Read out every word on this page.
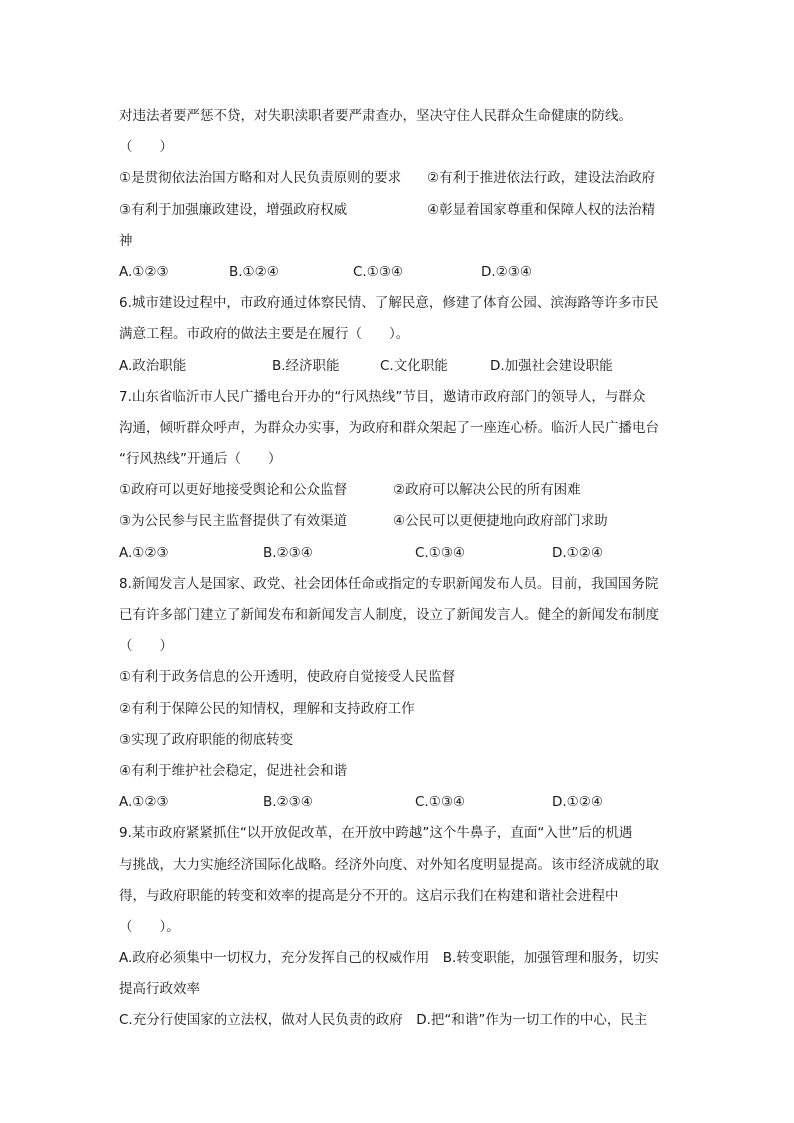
对违法者要严惩不贷，对失职渎职者要严肃查办，坚决守住人民群众生命健康的防线。
（　　）
①是贯彻依法治国方略和对人民负责原则的要求	②有利于推进依法行政，建设法治政府
③有利于加强廉政建设，增强政府权威	④彰显着国家尊重和保障人权的法治精
神
A.①②③	B.①②④	C.①③④	D.②③④
6.城市建设过程中，市政府通过体察民情、了解民意，修建了体育公园、滨海路等许多市民
满意工程。市政府的做法主要是在履行（　　）。
A.政治职能	B.经济职能	C.文化职能	D.加强社会建设职能
7.山东省临沂市人民广播电台开办的“行风热线”节目，邀请市政府部门的领导人，与群众
沟通，倾听群众呼声，为群众办实事，为政府和群众架起了一座连心桥。临沂人民广播电台
“行风热线”开通后（　　）
①政府可以更好地接受舆论和公众监督	②政府可以解决公民的所有困难
③为公民参与民主监督提供了有效渠道	④公民可以更便捷地向政府部门求助
A.①②③	B.②③④	C.①③④	D.①②④
8.新闻发言人是国家、政党、社会团体任命或指定的专职新闻发布人员。目前，我国国务院
已有许多部门建立了新闻发布和新闻发言人制度，设立了新闻发言人。健全的新闻发布制度
（　　）
①有利于政务信息的公开透明，使政府自觉接受人民监督
②有利于保障公民的知情权，理解和支持政府工作
③实现了政府职能的彻底转变
④有利于维护社会稳定，促进社会和谐
A.①②③	B.②③④	C.①③④	D.①②④
9.某市政府紧紧抓住“以开放促改革，在开放中跨越”这个牛鼻子，直面“入世”后的机遇
与挑战，大力实施经济国际化战略。经济外向度、对外知名度明显提高。该市经济成就的取
得，与政府职能的转变和效率的提高是分不开的。这启示我们在构建和谐社会进程中
（　　）。
A.政府必须集中一切权力，充分发挥自己的权威作用　B.转变职能，加强管理和服务，切实
提高行政效率
C.充分行使国家的立法权，做对人民负责的政府　D.把“和谐”作为一切工作的中心，民主
